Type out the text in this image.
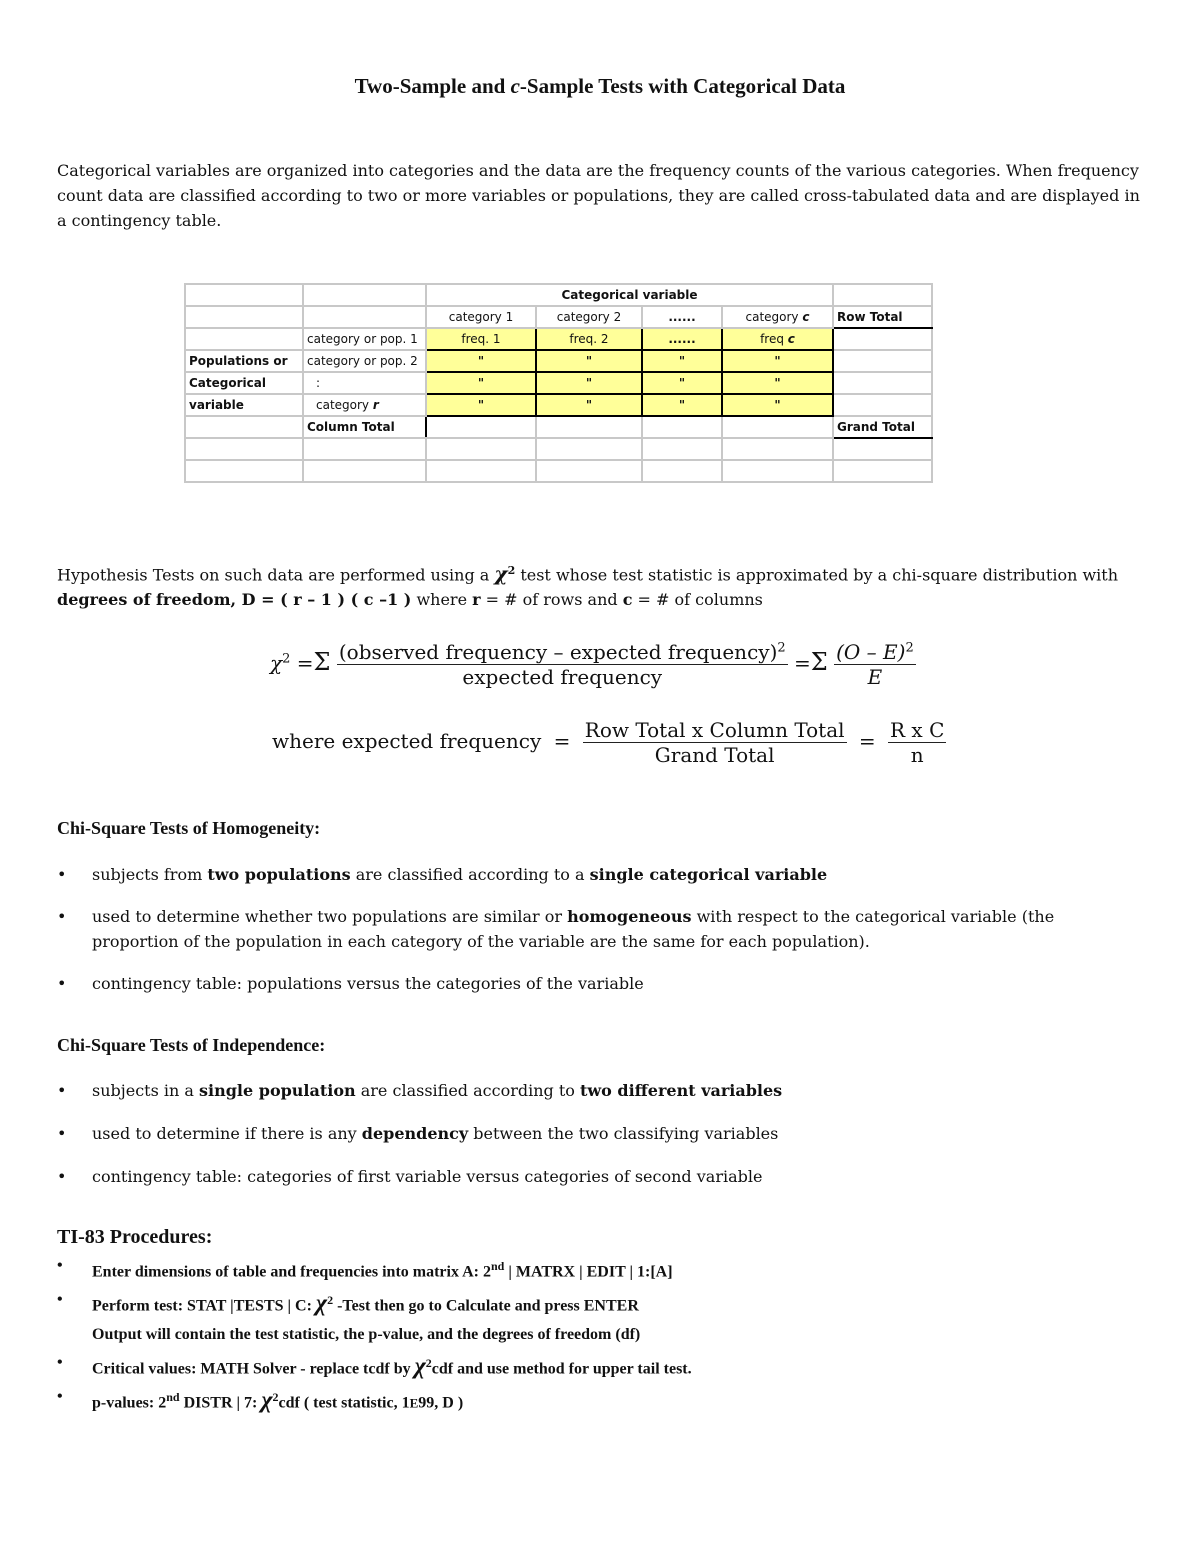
Two-Sample and c-Sample Tests with Categorical Data
Categorical variables are organized into categories and the data are the frequency counts of the various categories. When frequency count data are classified according to two or more variables or populations, they are called cross-tabulated data and are displayed in a contingency table.
		Categorical variable				
		category 1	category 2	......	category c	Row Total
	category or pop. 1	freq. 1	freq. 2	......	freq c	
Populations or	category or pop. 2	"	"	"	"	
Categorical	:	"	"	"	"	
variable	category r	"	"	"	"	
	Column Total					Grand Total

Hypothesis Tests on such data are performed using a $\chi^2$ test whose test statistic is approximated by a chi-square distribution with degrees of freedom, D = ( r – 1 ) ( c –1 ) where r = # of rows and c = # of columns
$\chi^2 =\Sigma \frac{(observed frequency - expected frequency)^2}{\text{expected frequency}} =\Sigma \frac{(O - E)^2}{E}$
where expected frequency = $\frac{\text{Row Total x Column Total}}{\text{Grand Total}} = \frac{\text{R x C}}{n}$
Chi-Square Tests of Homogeneity:
• subjects from two populations are classified according to a single categorical variable
• used to determine whether two populations are similar or homogeneous with respect to the categorical variable (the proportion of the population in each category of the variable are the same for each population).
• contingency table: populations versus the categories of the variable
Chi-Square Tests of Independence:
• subjects in a single population are classified according to two different variables
• used to determine if there is any dependency between the two classifying variables
• contingency table: categories of first variable versus categories of second variable
TI-83 Procedures:
• Enter dimensions of table and frequencies into matrix A: 2nd | MATRX | EDIT | 1:[A]
• Perform test: STAT |TESTS | C: $\chi^2$ -Test then go to Calculate and press ENTER
Output will contain the test statistic, the p-value, and the degrees of freedom (df)
• Critical values: MATH Solver - replace tcdf by $\chi^2cdf$ and use method for upper tail test.
• p-values: 2nd DISTR | 7: $\chi^2cdf$ ( test statistic, 1E99, D )
